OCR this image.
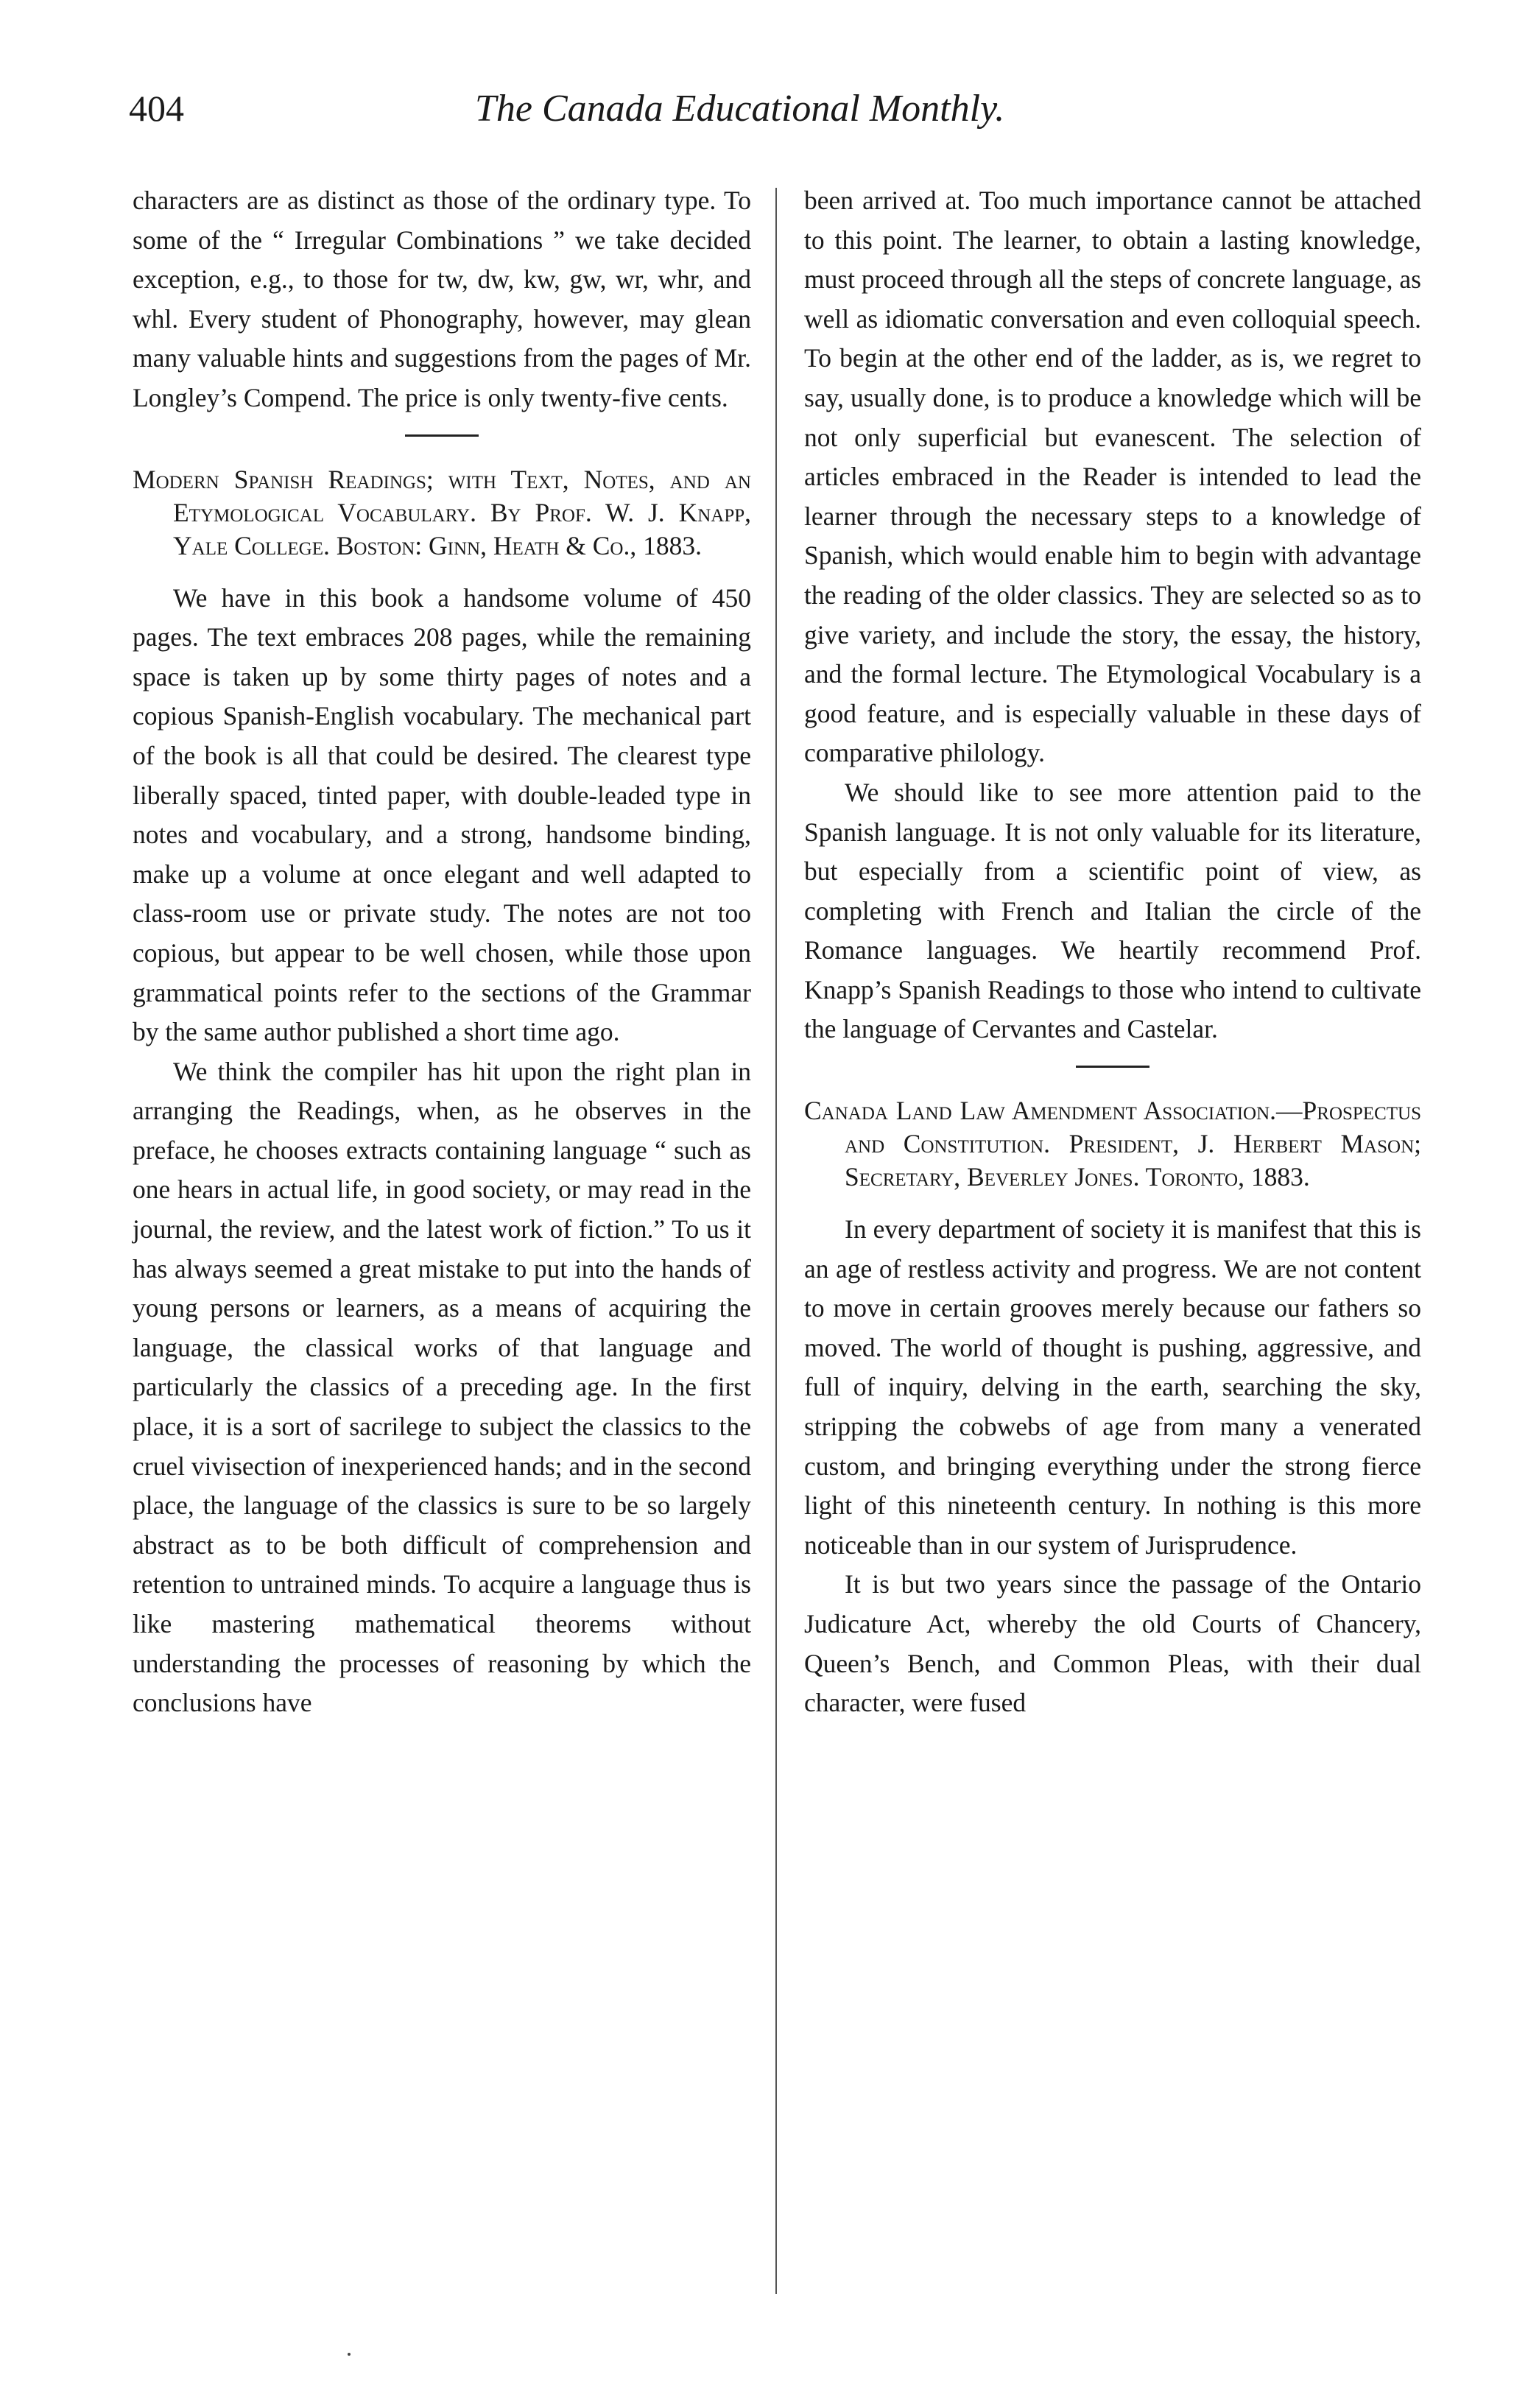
404	The Canada Educational Monthly.

characters are as distinct as those of the ordinary type. To some of the “ Irregular Combinations ” we take decided exception, e.g., to those for tw, dw, kw, gw, wr, whr, and whl. Every student of Phonography, however, may glean many valuable hints and suggestions from the pages of Mr. Longley’s Compend. The price is only twenty-five cents.

Modern Spanish Readings; with Text, Notes, and an Etymological Vocabulary. By Prof. W. J. Knapp, Yale College. Boston: Ginn, Heath & Co., 1883.

We have in this book a handsome volume of 450 pages. The text embraces 208 pages, while the remaining space is taken up by some thirty pages of notes and a copious Spanish-English vocabulary. The mechanical part of the book is all that could be desired. The clearest type liberally spaced, tinted paper, with double-leaded type in notes and vocabulary, and a strong, handsome binding, make up a volume at once elegant and well adapted to class-room use or private study. The notes are not too copious, but appear to be well chosen, while those upon grammatical points refer to the sections of the Grammar by the same author published a short time ago.

We think the compiler has hit upon the right plan in arranging the Readings, when, as he observes in the preface, he chooses extracts containing language “ such as one hears in actual life, in good society, or may read in the journal, the review, and the latest work of fiction.” To us it has always seemed a great mistake to put into the hands of young persons or learners, as a means of acquiring the language, the classical works of that language and particularly the classics of a preceding age. In the first place, it is a sort of sacrilege to subject the classics to the cruel vivisection of inexperienced hands; and in the second place, the language of the classics is sure to be so largely abstract as to be both difficult of comprehension and retention to untrained minds. To acquire a language thus is like mastering mathematical theorems without understanding the processes of reasoning by which the conclusions have

been arrived at. Too much importance cannot be attached to this point. The learner, to obtain a lasting knowledge, must proceed through all the steps of concrete language, as well as idiomatic conversation and even colloquial speech. To begin at the other end of the ladder, as is, we regret to say, usually done, is to produce a knowledge which will be not only superficial but evanescent. The selection of articles embraced in the Reader is intended to lead the learner through the necessary steps to a knowledge of Spanish, which would enable him to begin with advantage the reading of the older classics. They are selected so as to give variety, and include the story, the essay, the history, and the formal lecture. The Etymological Vocabulary is a good feature, and is especially valuable in these days of comparative philology.

We should like to see more attention paid to the Spanish language. It is not only valuable for its literature, but especially from a scientific point of view, as completing with French and Italian the circle of the Romance languages. We heartily recommend Prof. Knapp’s Spanish Readings to those who intend to cultivate the language of Cervantes and Castelar.

Canada Land Law Amendment Association.—Prospectus and Constitution. President, J. Herbert Mason; Secretary, Beverley Jones. Toronto, 1883.

In every department of society it is manifest that this is an age of restless activity and progress. We are not content to move in certain grooves merely because our fathers so moved. The world of thought is pushing, aggressive, and full of inquiry, delving in the earth, searching the sky, stripping the cobwebs of age from many a venerated custom, and bringing everything under the strong fierce light of this nineteenth century. In nothing is this more noticeable than in our system of Jurisprudence.

It is but two years since the passage of the Ontario Judicature Act, whereby the old Courts of Chancery, Queen’s Bench, and Common Pleas, with their dual character, were fused
